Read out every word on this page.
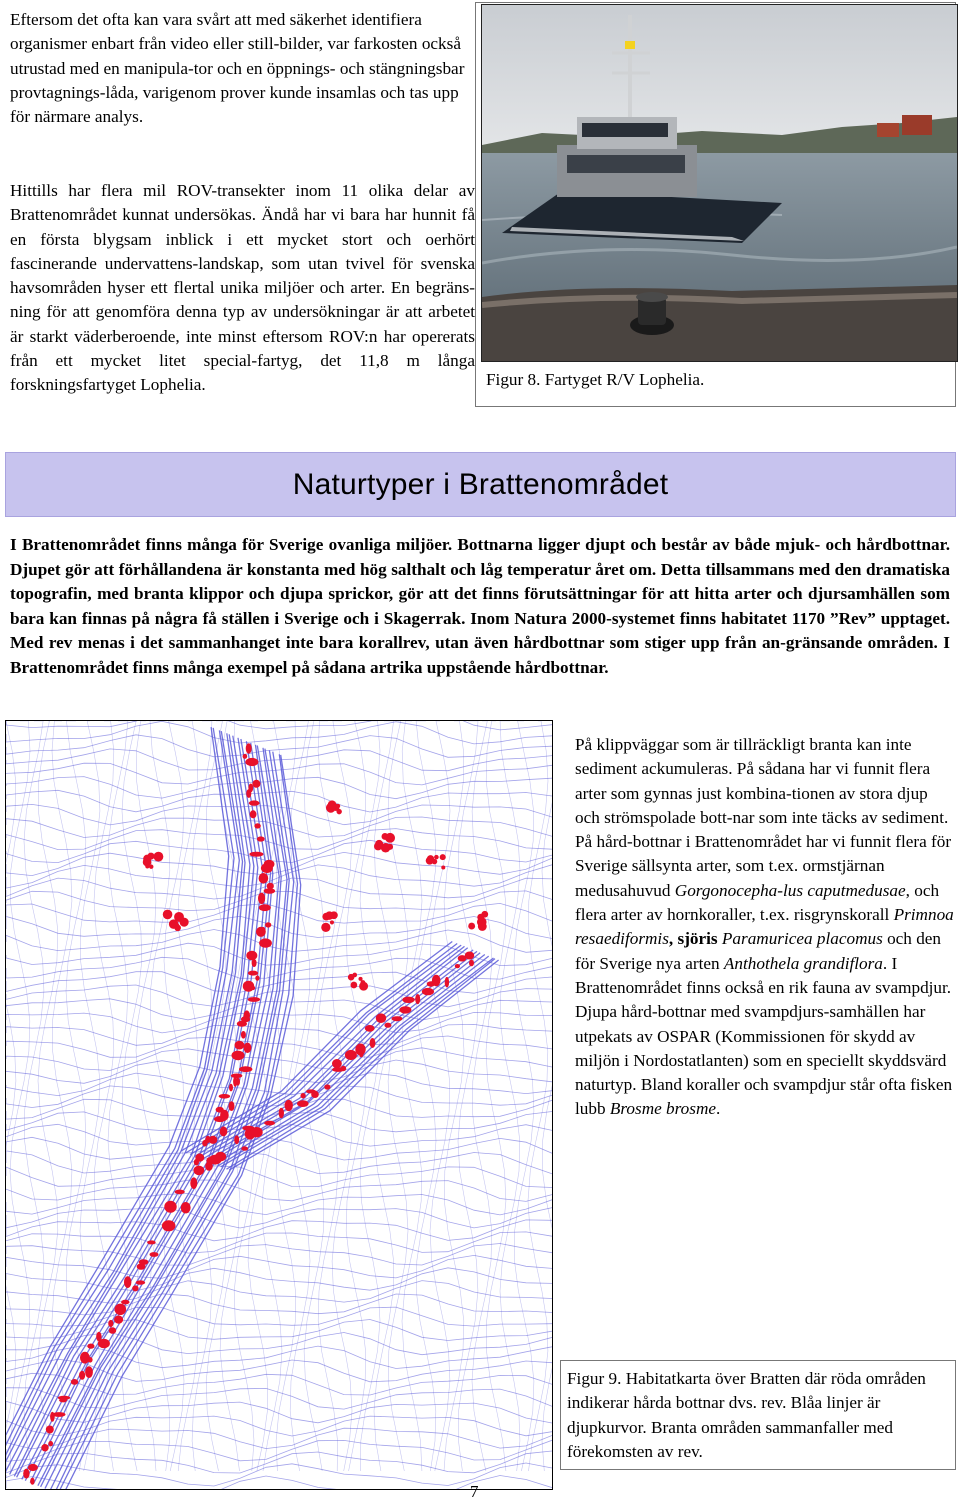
Eftersom det ofta kan vara svårt att med säkerhet identifiera organismer enbart från video eller still-bilder, var farkosten också utrustad med en manipula-tor och en öppnings- och stängningsbar provtagnings-låda, varigenom prover kunde insamlas och tas upp för närmare analys.

Hittills har flera mil ROV-transekter inom 11 olika delar av Brattenområdet kunnat undersökas. Ändå har vi bara har hunnit få en första blygsam inblick i ett mycket stort och oerhört fascinerande undervattens-landskap, som utan tvivel för svenska havsområden hyser ett flertal unika miljöer och arter. En begräns-ning för att genomföra denna typ av undersökningar är att arbetet är starkt väderberoende, inte minst eftersom ROV:n har opererats från ett mycket litet special-fartyg, det 11,8 m långa forskningsfartyget Lophelia.	Figur 8. Fartyget R/V Lophelia.

Naturtyper i Brattenområdet

I Brattenområdet finns många för Sverige ovanliga miljöer. Bottnarna ligger djupt och består av både mjuk- och hårdbottnar. Djupet gör att förhållandena är konstanta med hög salthalt och låg temperatur året om. Detta tillsammans med den dramatiska topografin, med branta klippor och djupa sprickor, gör att det finns förutsättningar för att hitta arter och djursamhällen som bara kan finnas på några få ställen i Sverige och i Skagerrak. Inom Natura 2000-systemet finns habitatet 1170 ”Rev” upptaget. Med rev menas i det sammanhanget inte bara korallrev, utan även hårdbottnar som stiger upp från an-gränsande områden. I Brattenområdet finns många exempel på sådana artrika uppstående hårdbottnar.

På klippväggar som är tillräckligt branta kan inte sediment ackumuleras. På sådana har vi funnit flera arter som gynnas just kombina-tionen av stora djup och strömspolade bott-nar som inte täcks av sediment. På hård-bottnar i Brattenområdet har vi funnit flera för Sverige sällsynta arter, som t.ex. ormstjärnan medusahuvud Gorgonocepha-lus caputmedusae, och flera arter av hornkoraller, t.ex. risgrynskorall Primnoa resaediformis, sjöris Paramuricea placomus och den för Sverige nya arten Anthothela grandiflora. I Brattenområdet finns också en rik fauna av svampdjur. Djupa hård-bottnar med svampdjurs-samhällen har utpekats av OSPAR (Kommissionen för skydd av miljön i Nordostatlanten) som en speciellt skyddsvärd naturtyp. Bland koraller och svampdjur står ofta fisken lubb Brosme brosme.

Figur 9. Habitatkarta över Bratten där röda områden indikerar hårda bottnar dvs. rev. Blåa linjer är djupkurvor. Branta områden sammanfaller med förekomsten av rev.

7
